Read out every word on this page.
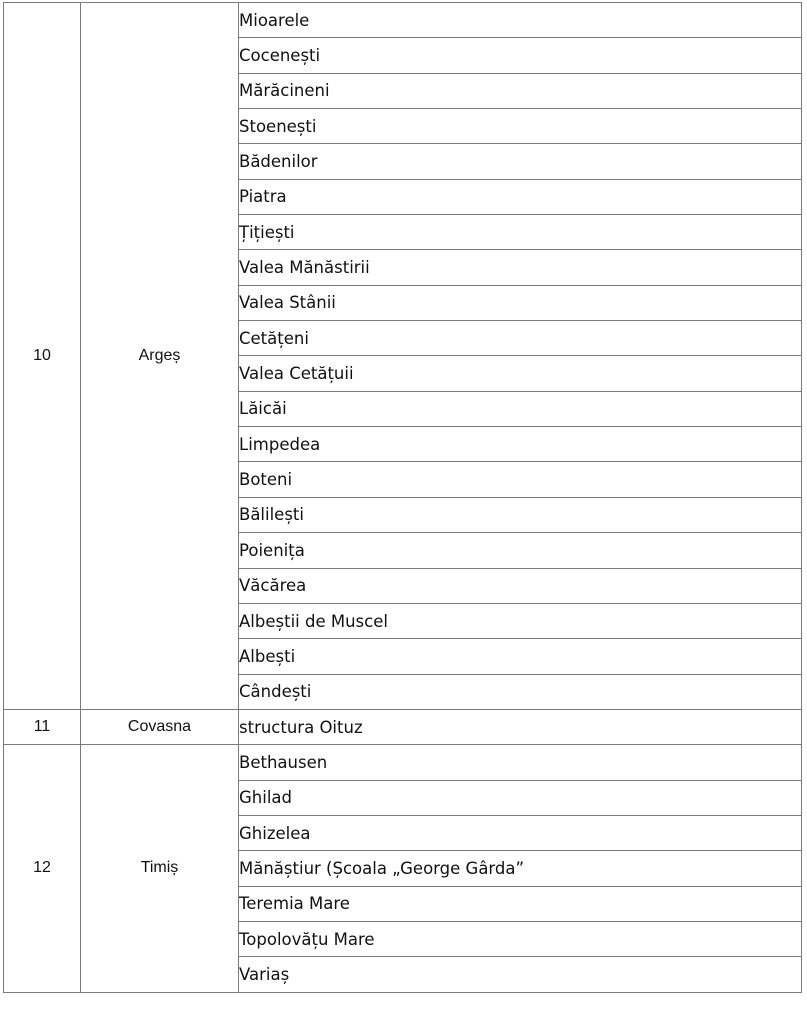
10	Argeș	Mioarele
		Cocenești
		Mărăcineni
		Stoenești
		Bădenilor
		Piatra
		Țițiești
		Valea Mănăstirii
		Valea Stânii
		Cetățeni
		Valea Cetățuii
		Lăicăi
		Limpedea
		Boteni
		Bălilești
		Poienița
		Văcărea
		Albeștii de Muscel
		Albești
		Cândești
11	Covasna	structura Oituz
12	Timiș	Bethausen
		Ghilad
		Ghizelea
		Mănăștiur (Școala „George Gârda”
		Teremia Mare
		Topolovățu Mare
		Variaș
